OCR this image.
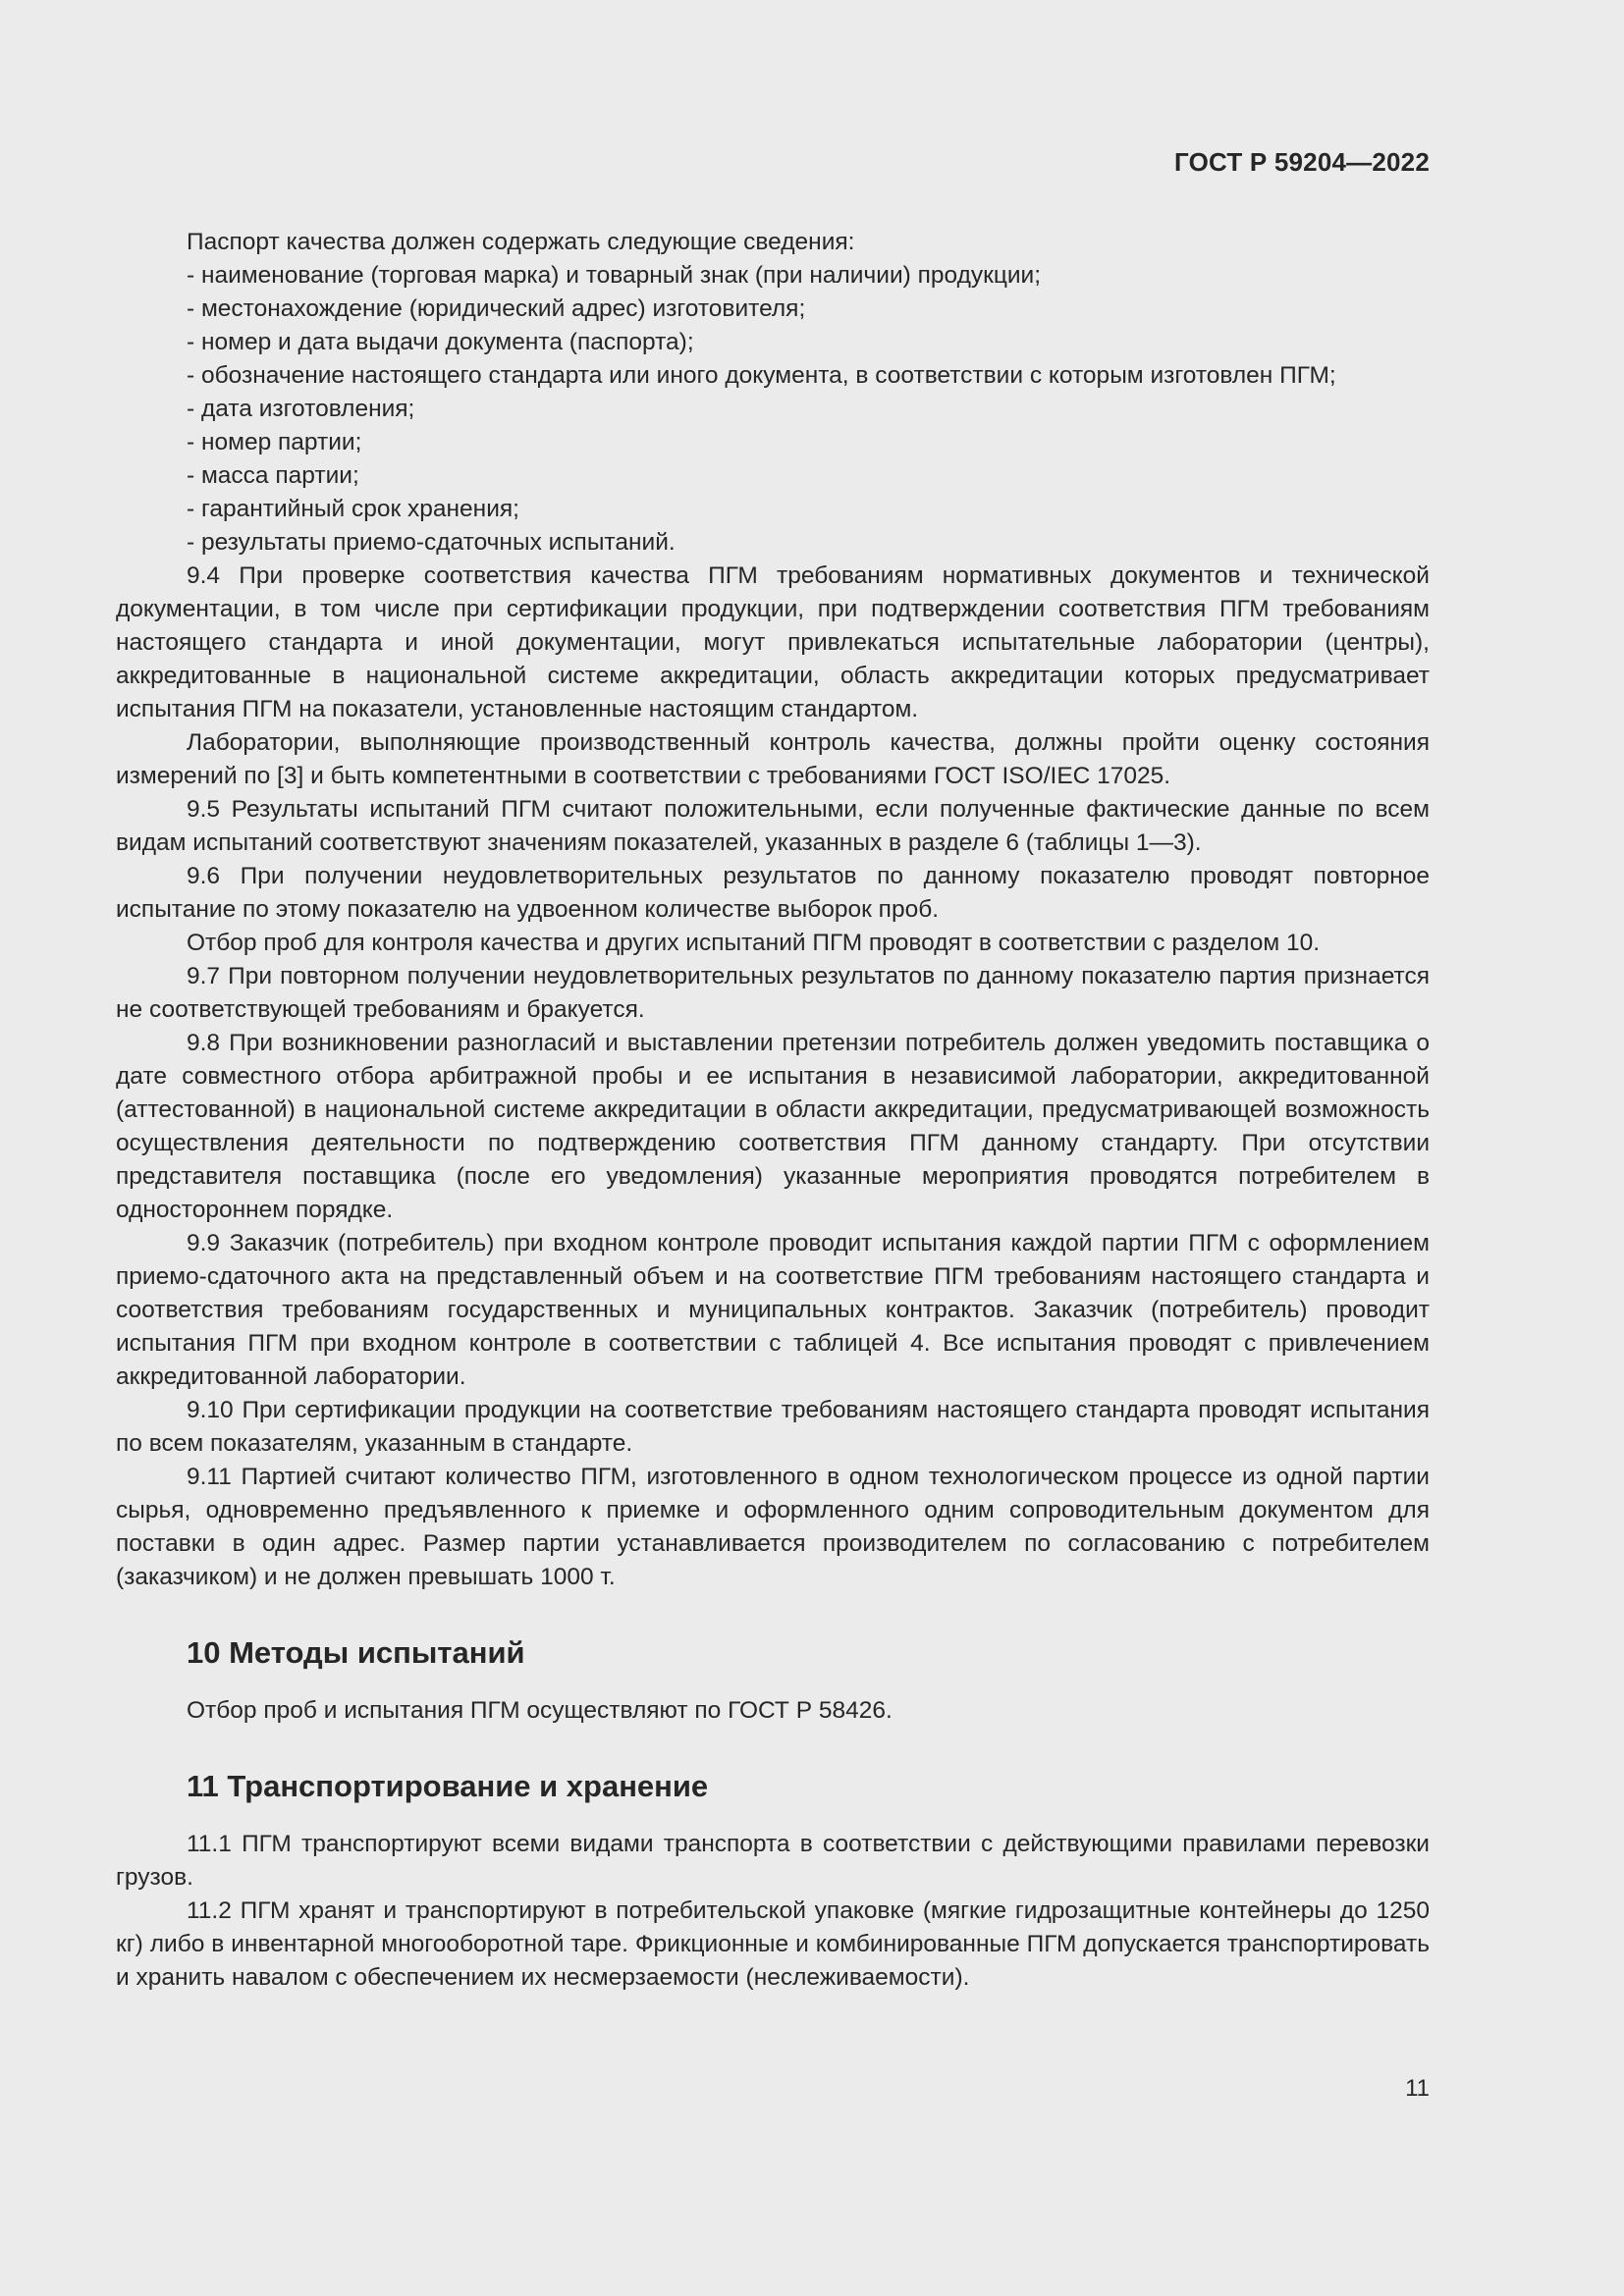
ГОСТ Р 59204—2022

Паспорт качества должен содержать следующие сведения:

- наименование (торговая марка) и товарный знак (при наличии) продукции;

- местонахождение (юридический адрес) изготовителя;

- номер и дата выдачи документа (паспорта);

- обозначение настоящего стандарта или иного документа, в соответствии с которым изготовлен ПГМ;

- дата изготовления;

- номер партии;

- масса партии;

- гарантийный срок хранения;

- результаты приемо-сдаточных испытаний.

9.4 При проверке соответствия качества ПГМ требованиям нормативных документов и технической документации, в том числе при сертификации продукции, при подтверждении соответствия ПГМ требованиям настоящего стандарта и иной документации, могут привлекаться испытательные лаборатории (центры), аккредитованные в национальной системе аккредитации, область аккредитации которых предусматривает испытания ПГМ на показатели, установленные настоящим стандартом.

Лаборатории, выполняющие производственный контроль качества, должны пройти оценку состояния измерений по [3] и быть компетентными в соответствии с требованиями ГОСТ ISO/IEC 17025.

9.5 Результаты испытаний ПГМ считают положительными, если полученные фактические данные по всем видам испытаний соответствуют значениям показателей, указанных в разделе 6 (таблицы 1—3).

9.6 При получении неудовлетворительных результатов по данному показателю проводят повторное испытание по этому показателю на удвоенном количестве выборок проб.

Отбор проб для контроля качества и других испытаний ПГМ проводят в соответствии с разделом 10.

9.7 При повторном получении неудовлетворительных результатов по данному показателю партия признается не соответствующей требованиям и бракуется.

9.8 При возникновении разногласий и выставлении претензии потребитель должен уведомить поставщика о дате совместного отбора арбитражной пробы и ее испытания в независимой лаборатории, аккредитованной (аттестованной) в национальной системе аккредитации в области аккредитации, предусматривающей возможность осуществления деятельности по подтверждению соответствия ПГМ данному стандарту. При отсутствии представителя поставщика (после его уведомления) указанные мероприятия проводятся потребителем в одностороннем порядке.

9.9 Заказчик (потребитель) при входном контроле проводит испытания каждой партии ПГМ с оформлением приемо-сдаточного акта на представленный объем и на соответствие ПГМ требованиям настоящего стандарта и соответствия требованиям государственных и муниципальных контрактов. Заказчик (потребитель) проводит испытания ПГМ при входном контроле в соответствии с таблицей 4. Все испытания проводят с привлечением аккредитованной лаборатории.

9.10 При сертификации продукции на соответствие требованиям настоящего стандарта проводят испытания по всем показателям, указанным в стандарте.

9.11 Партией считают количество ПГМ, изготовленного в одном технологическом процессе из одной партии сырья, одновременно предъявленного к приемке и оформленного одним сопроводительным документом для поставки в один адрес. Размер партии устанавливается производителем по согласованию с потребителем (заказчиком) и не должен превышать 1000 т.

10 Методы испытаний

Отбор проб и испытания ПГМ осуществляют по ГОСТ Р 58426.

11 Транспортирование и хранение

11.1 ПГМ транспортируют всеми видами транспорта в соответствии с действующими правилами перевозки грузов.

11.2 ПГМ хранят и транспортируют в потребительской упаковке (мягкие гидрозащитные контейнеры до 1250 кг) либо в инвентарной многооборотной таре. Фрикционные и комбинированные ПГМ допускается транспортировать и хранить навалом с обеспечением их несмерзаемости (неслеживаемости).

11
